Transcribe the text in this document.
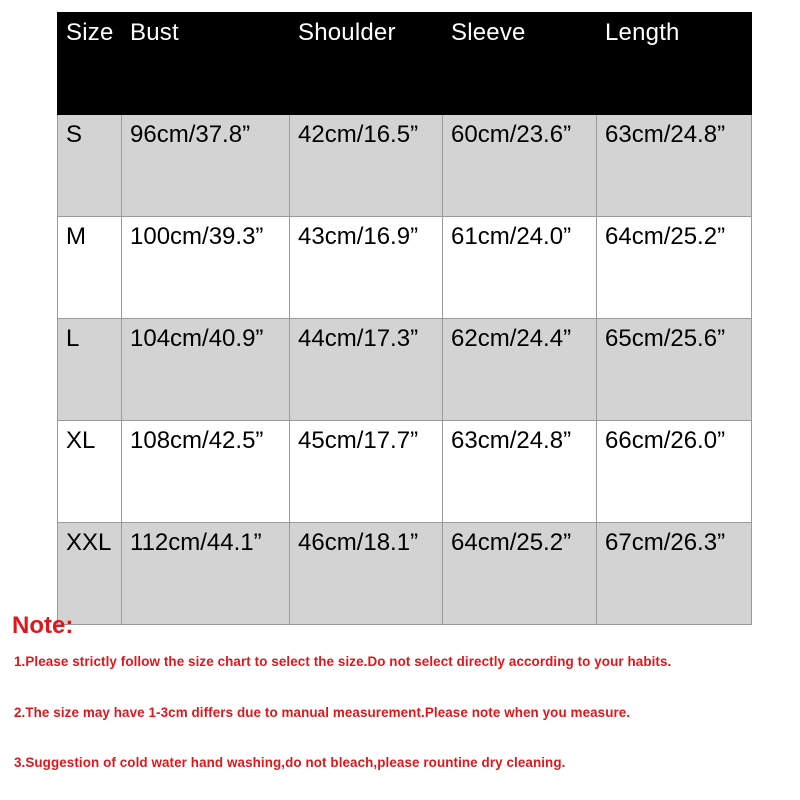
Size	Bust	Shoulder	Sleeve	Length
S	96cm/37.8”	42cm/16.5”	60cm/23.6”	63cm/24.8”
M	100cm/39.3”	43cm/16.9”	61cm/24.0”	64cm/25.2”
L	104cm/40.9”	44cm/17.3”	62cm/24.4”	65cm/25.6”
XL	108cm/42.5”	45cm/17.7”	63cm/24.8”	66cm/26.0”
XXL	112cm/44.1”	46cm/18.1”	64cm/25.2”	67cm/26.3”

Note:

1.Please strictly follow the size chart to select the size.Do not select directly according to your habits.

2.The size may have 1-3cm differs due to manual measurement.Please note when you measure.

3.Suggestion of cold water hand washing,do not bleach,please rountine dry cleaning.
